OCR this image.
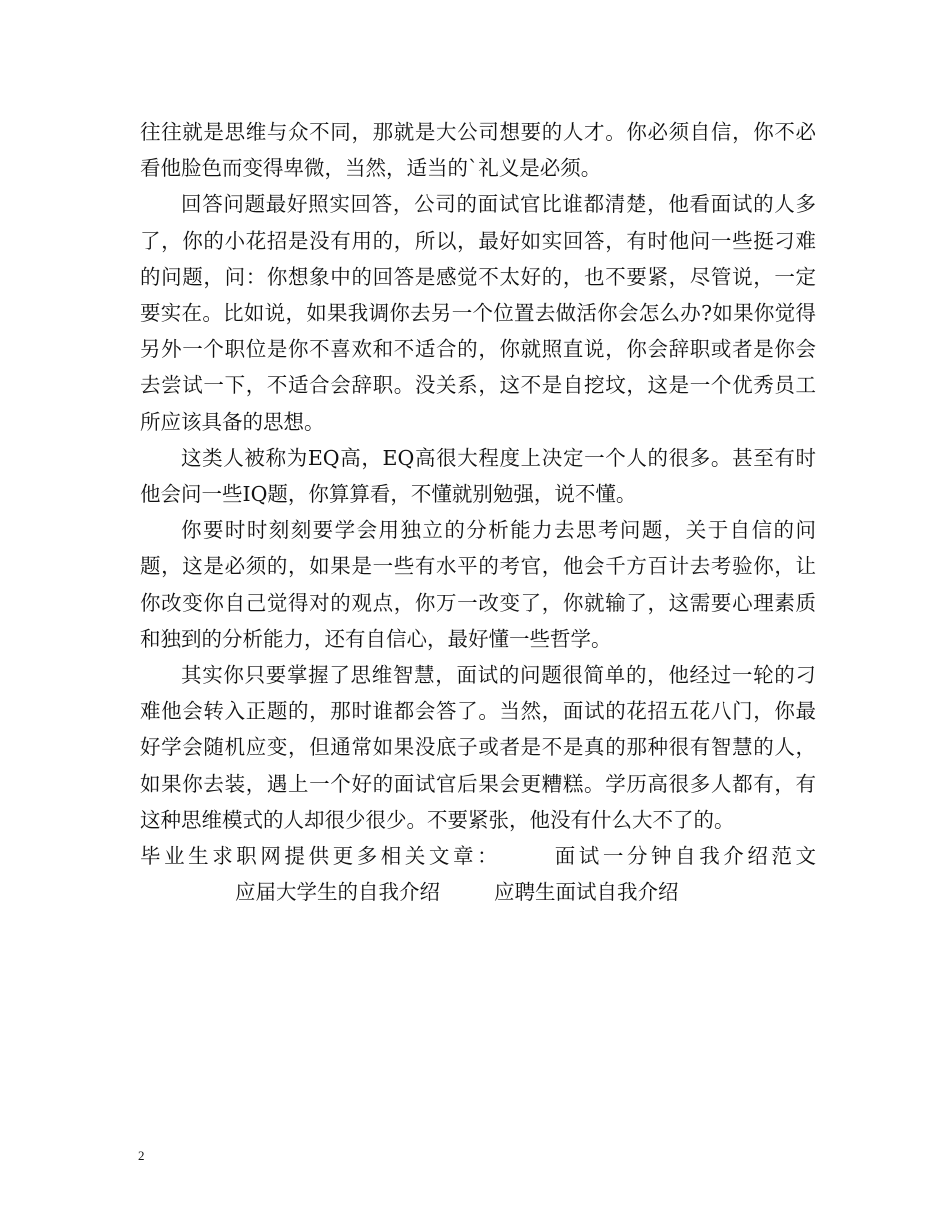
往往就是思维与众不同，那就是大公司想要的人才。你必须自信，你不必看他脸色而变得卑微，当然，适当的`礼义是必须。

回答问题最好照实回答，公司的面试官比谁都清楚，他看面试的人多了，你的小花招是没有用的，所以，最好如实回答，有时他问一些挺刁难的问题，问：你想象中的回答是感觉不太好的，也不要紧，尽管说，一定要实在。比如说，如果我调你去另一个位置去做活你会怎么办?如果你觉得另外一个职位是你不喜欢和不适合的，你就照直说，你会辞职或者是你会去尝试一下，不适合会辞职。没关系，这不是自挖坟，这是一个优秀员工所应该具备的思想。

这类人被称为EQ高，EQ高很大程度上决定一个人的很多。甚至有时他会问一些IQ题，你算算看，不懂就别勉强，说不懂。

你要时时刻刻要学会用独立的分析能力去思考问题，关于自信的问题，这是必须的，如果是一些有水平的考官，他会千方百计去考验你，让你改变你自己觉得对的观点，你万一改变了，你就输了，这需要心理素质和独到的分析能力，还有自信心，最好懂一些哲学。

其实你只要掌握了思维智慧，面试的问题很简单的，他经过一轮的刁难他会转入正题的，那时谁都会答了。当然，面试的花招五花八门，你最好学会随机应变，但通常如果没底子或者是不是真的那种很有智慧的人，如果你去装，遇上一个好的面试官后果会更糟糕。学历高很多人都有，有这种思维模式的人却很少很少。不要紧张，他没有什么大不了的。

毕业生求职网提供更多相关文章： 面试一分钟自我介绍范文应届大学生的自我介绍	应聘生面试自我介绍

2
